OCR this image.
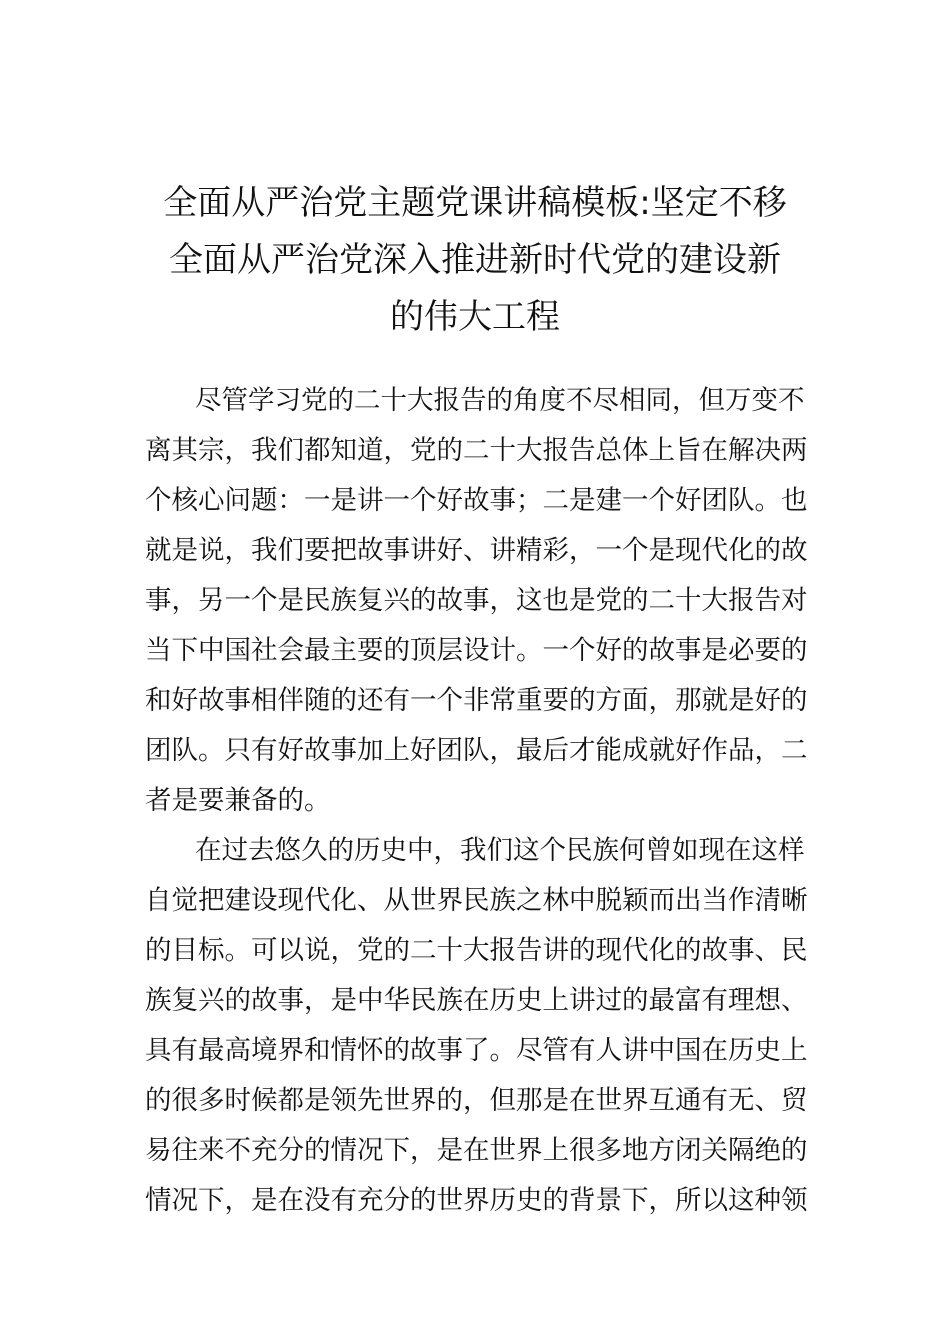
全面从严治党主题党课讲稿模板:坚定不移
全面从严治党深入推进新时代党的建设新
的伟大工程
尽管学习党的二十大报告的角度不尽相同，但万变不
离其宗，我们都知道，党的二十大报告总体上旨在解决两
个核心问题：一是讲一个好故事；二是建一个好团队。也
就是说，我们要把故事讲好、讲精彩，一个是现代化的故
事，另一个是民族复兴的故事，这也是党的二十大报告对
当下中国社会最主要的顶层设计。一个好的故事是必要的
和好故事相伴随的还有一个非常重要的方面，那就是好的
团队。只有好故事加上好团队，最后才能成就好作品，二
者是要兼备的。
在过去悠久的历史中，我们这个民族何曾如现在这样
自觉把建设现代化、从世界民族之林中脱颖而出当作清晰
的目标。可以说，党的二十大报告讲的现代化的故事、民
族复兴的故事，是中华民族在历史上讲过的最富有理想、
具有最高境界和情怀的故事了。尽管有人讲中国在历史上
的很多时候都是领先世界的，但那是在世界互通有无、贸
易往来不充分的情况下，是在世界上很多地方闭关隔绝的
情况下，是在没有充分的世界历史的背景下，所以这种领
